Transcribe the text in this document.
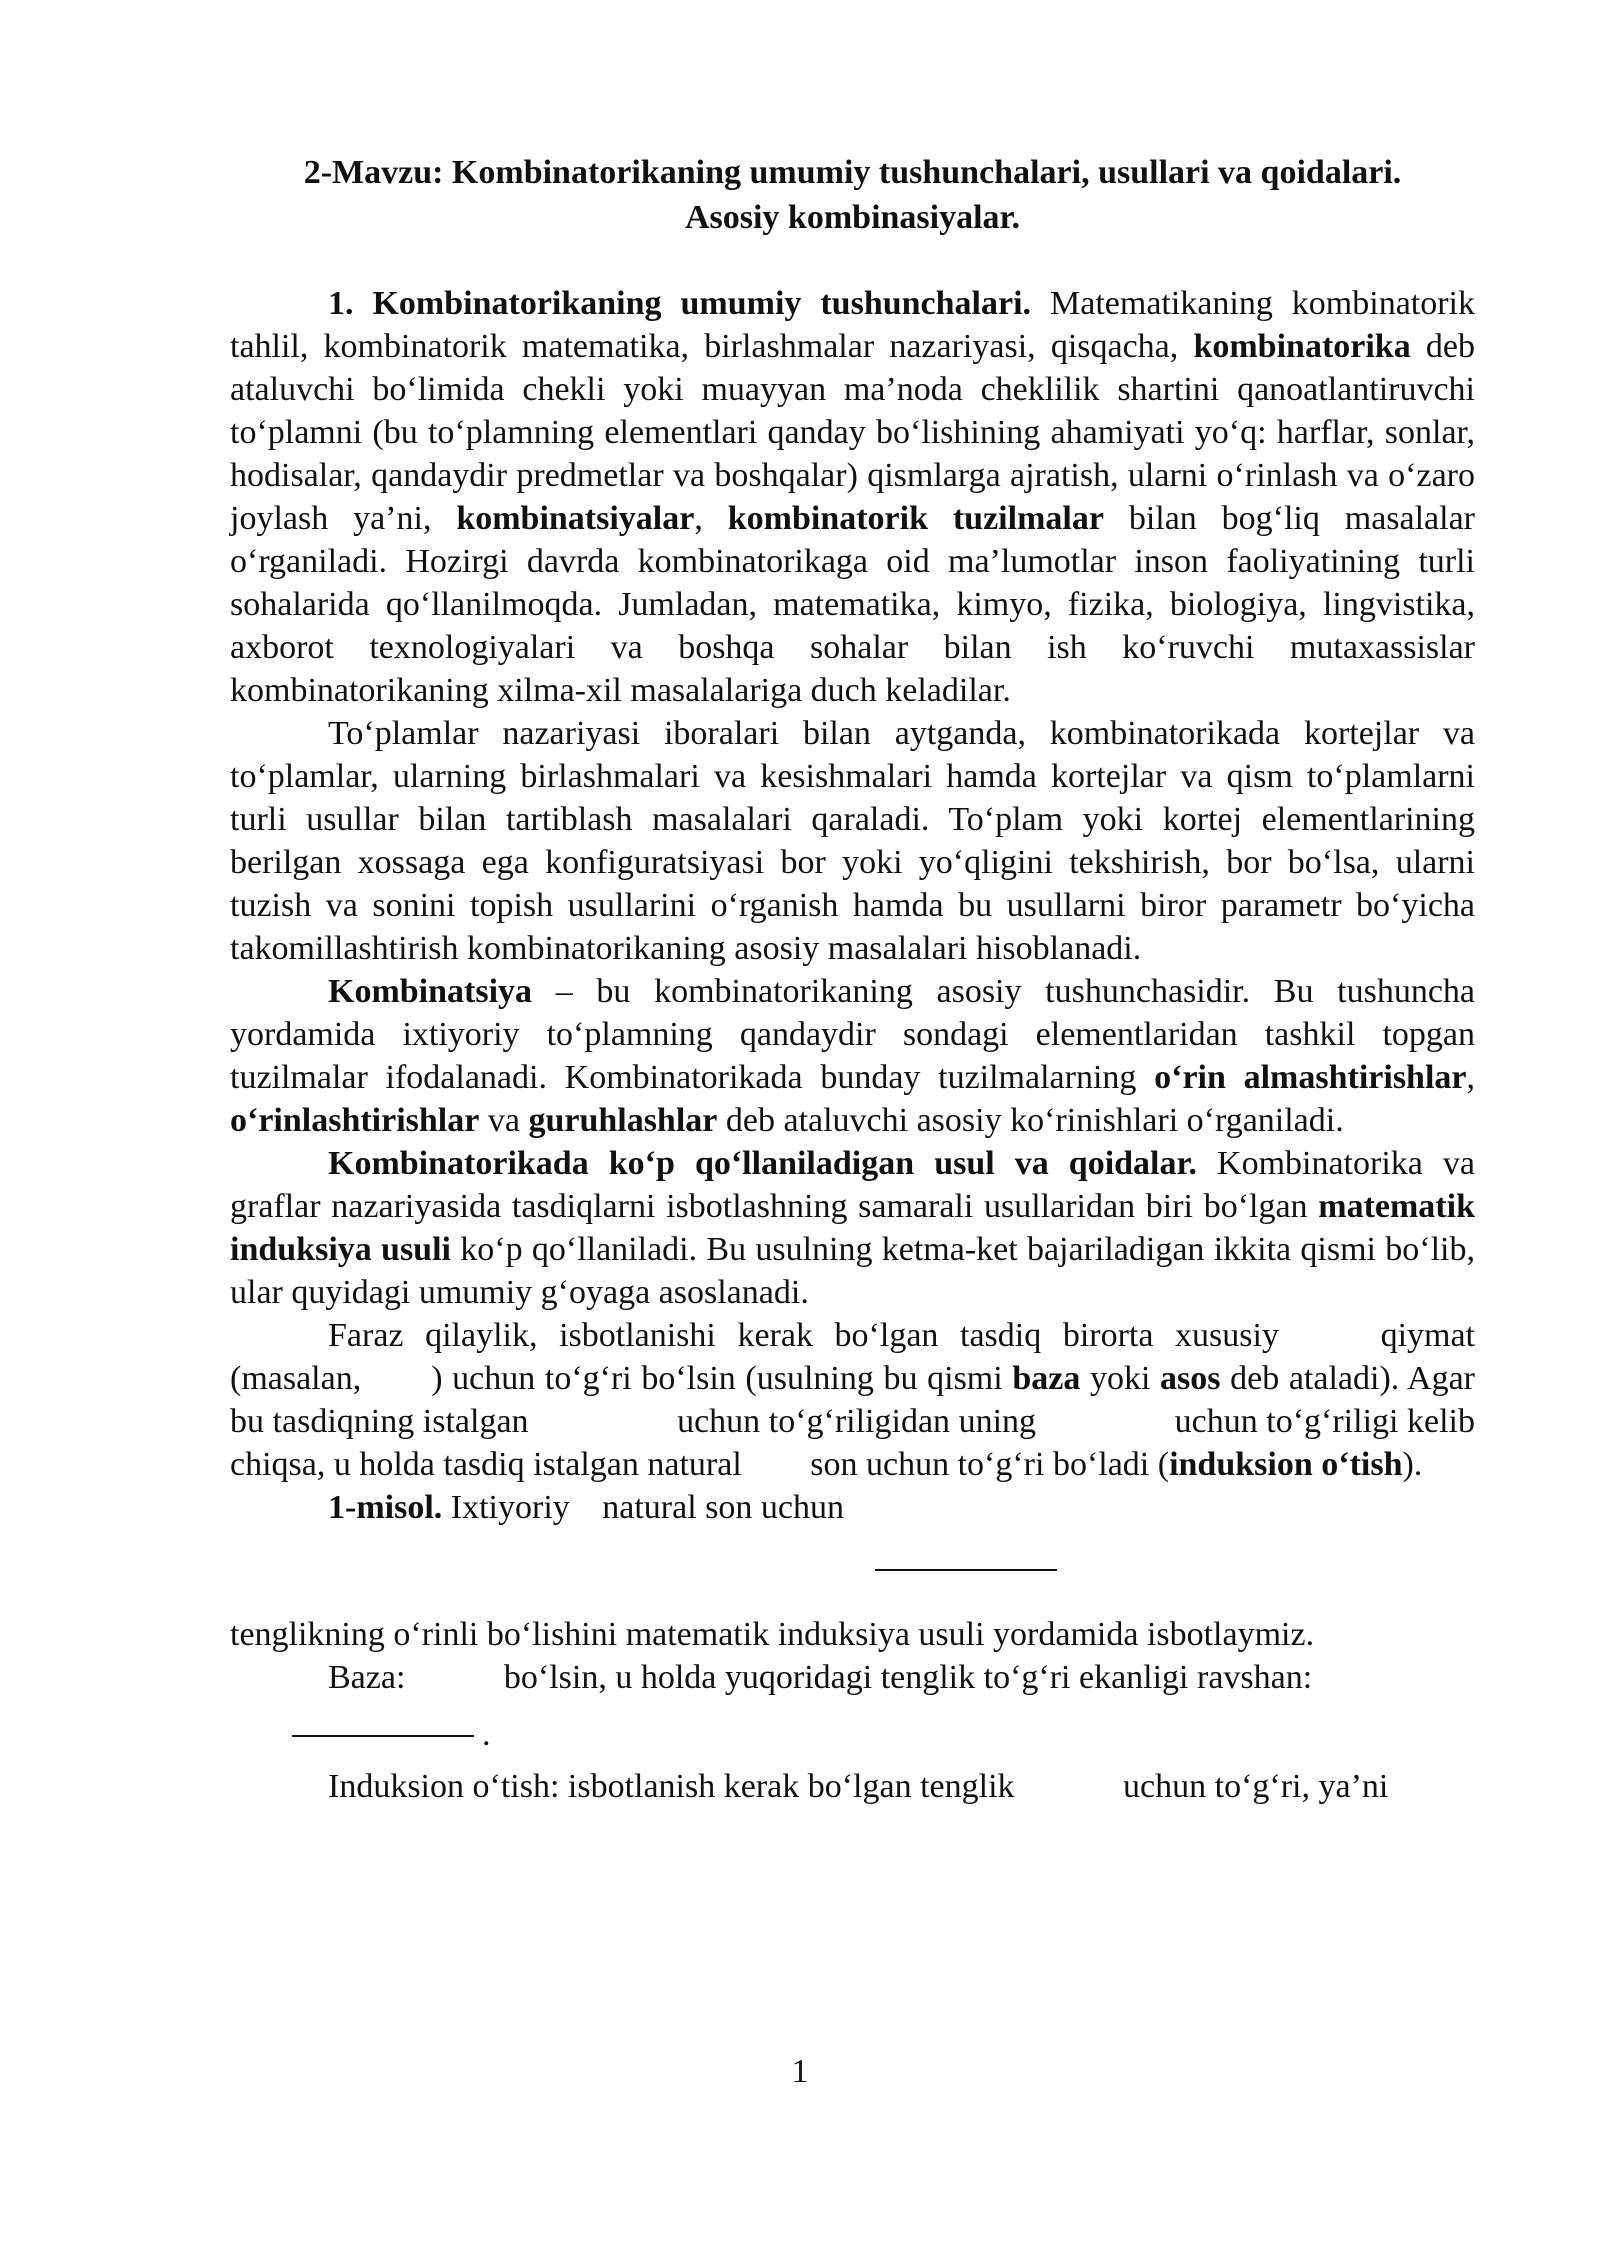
2-Mavzu: Kombinatorikaning umumiy tushunchalari, usullari va qoidalari.
Asosiy kombinasiyalar.

1. Kombinatorikaning umumiy tushunchalari. Matematikaning kombinatorik tahlil, kombinatorik matematika, birlashmalar nazariyasi, qisqacha, kombinatorika deb ataluvchi bo‘limida chekli yoki muayyan ma’noda cheklilik shartini qanoatlantiruvchi to‘plamni (bu to‘plamning elementlari qanday bo‘lishining ahamiyati yo‘q: harflar, sonlar, hodisalar, qandaydir predmetlar va boshqalar) qismlarga ajratish, ularni o‘rinlash va o‘zaro joylash ya’ni, kombinatsiyalar, kombinatorik tuzilmalar bilan bog‘liq masalalar o‘rganiladi. Hozirgi davrda kombinatorikaga oid ma’lumotlar inson faoliyatining turli sohalarida qo‘llanilmoqda. Jumladan, matematika, kimyo, fizika, biologiya, lingvistika, axborot texnologiyalari va boshqa sohalar bilan ish ko‘ruvchi mutaxassislar kombinatorikaning xilma-xil masalalariga duch keladilar.

To‘plamlar nazariyasi iboralari bilan aytganda, kombinatorikada kortejlar va to‘plamlar, ularning birlashmalari va kesishmalari hamda kortejlar va qism to‘plamlarni turli usullar bilan tartiblash masalalari qaraladi. To‘plam yoki kortej elementlarining berilgan xossaga ega konfiguratsiyasi bor yoki yo‘qligini tekshirish, bor bo‘lsa, ularni tuzish va sonini topish usullarini o‘rganish hamda bu usullarni biror parametr bo‘yicha takomillashtirish kombinatorikaning asosiy masalalari hisoblanadi.

Kombinatsiya – bu kombinatorikaning asosiy tushunchasidir. Bu tushuncha yordamida ixtiyoriy to‘plamning qandaydir sondagi elementlaridan tashkil topgan tuzilmalar ifodalanadi. Kombinatorikada bunday tuzilmalarning o‘rin almashtirishlar, o‘rinlashtirishlar va guruhlashlar deb ataluvchi asosiy ko‘rinishlari o‘rganiladi.

Kombinatorikada ko‘p qo‘llaniladigan usul va qoidalar. Kombinatorika va graflar nazariyasida tasdiqlarni isbotlashning samarali usullaridan biri bo‘lgan matematik induksiya usuli ko‘p qo‘llaniladi. Bu usulning ketma-ket bajariladigan ikkita qismi bo‘lib, ular quyidagi umumiy g‘oyaga asoslanadi.

Faraz qilaylik, isbotlanishi kerak bo‘lgan tasdiq birorta xususiy	qiymat (masalan, ) uchun to‘g‘ri bo‘lsin (usulning bu qismi baza yoki asos deb ataladi). Agar bu tasdiqning istalgan	uchun to‘g‘riligidan uning	uchun to‘g‘riligi kelib chiqsa, u holda tasdiq istalgan natural son uchun to‘g‘ri bo‘ladi (induksion o‘tish).

1-misol. Ixtiyoriy natural son uchun

tenglikning o‘rinli bo‘lishini matematik induksiya usuli yordamida isbotlaymiz.

Baza:	bo‘lsin, u holda yuqoridagi tenglik to‘g‘ri ekanligi ravshan:

.

Induksion o‘tish: isbotlanish kerak bo‘lgan tenglik	uchun to‘g‘ri, ya’ni

1
